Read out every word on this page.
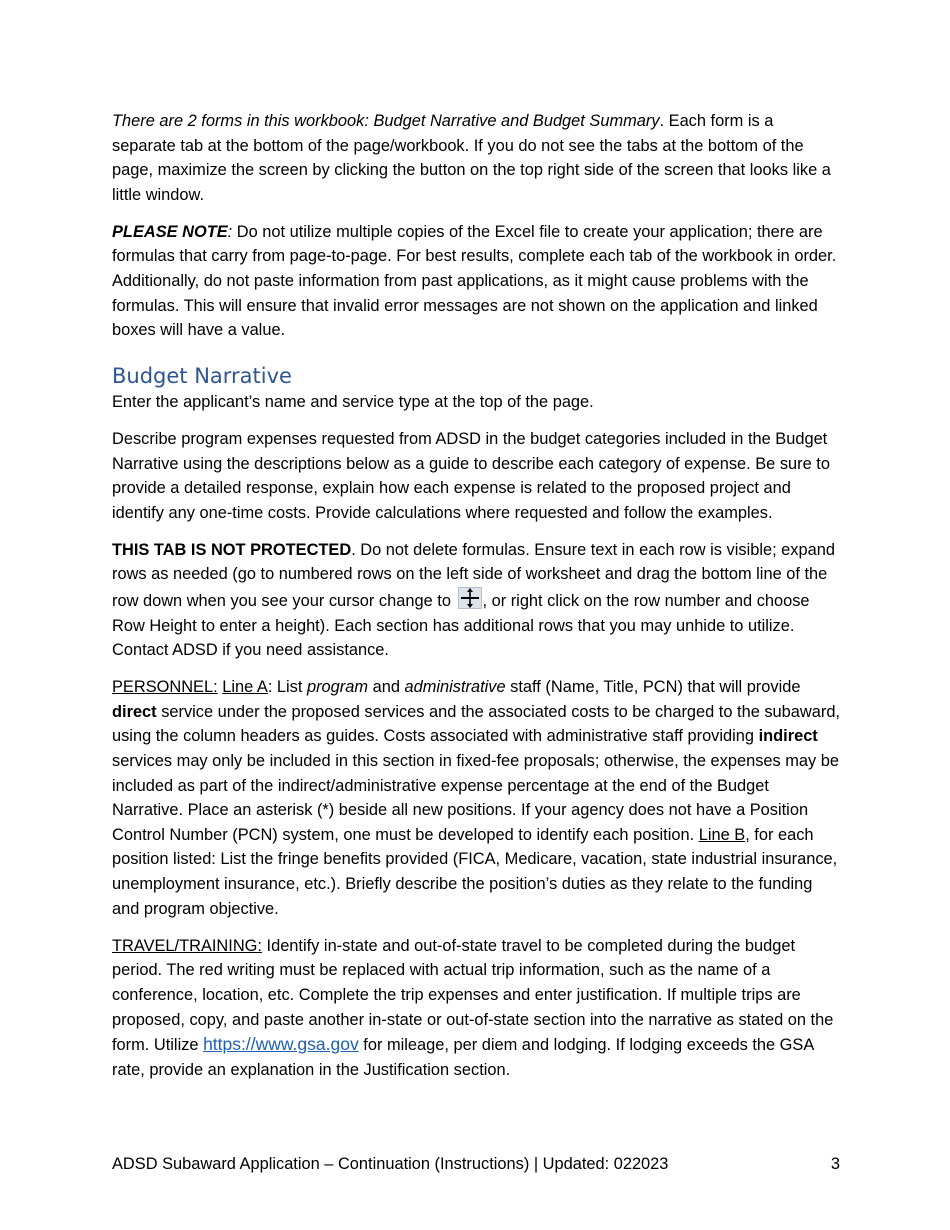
There are 2 forms in this workbook: Budget Narrative and Budget Summary. Each form is a separate tab at the bottom of the page/workbook. If you do not see the tabs at the bottom of the page, maximize the screen by clicking the button on the top right side of the screen that looks like a little window.

PLEASE NOTE: Do not utilize multiple copies of the Excel file to create your application; there are formulas that carry from page-to-page. For best results, complete each tab of the workbook in order. Additionally, do not paste information from past applications, as it might cause problems with the formulas. This will ensure that invalid error messages are not shown on the application and linked boxes will have a value.

Budget Narrative

Enter the applicant’s name and service type at the top of the page.

Describe program expenses requested from ADSD in the budget categories included in the Budget Narrative using the descriptions below as a guide to describe each category of expense. Be sure to provide a detailed response, explain how each expense is related to the proposed project and identify any one-time costs. Provide calculations where requested and follow the examples.

THIS TAB IS NOT PROTECTED. Do not delete formulas. Ensure text in each row is visible; expand rows as needed (go to numbered rows on the left side of worksheet and drag the bottom line of the row down when you see your cursor change to , or right click on the row number and choose Row Height to enter a height). Each section has additional rows that you may unhide to utilize. Contact ADSD if you need assistance.

PERSONNEL: Line A: List program and administrative staff (Name, Title, PCN) that will provide direct service under the proposed services and the associated costs to be charged to the subaward, using the column headers as guides. Costs associated with administrative staff providing indirect services may only be included in this section in fixed-fee proposals; otherwise, the expenses may be included as part of the indirect/administrative expense percentage at the end of the Budget Narrative. Place an asterisk (*) beside all new positions. If your agency does not have a Position Control Number (PCN) system, one must be developed to identify each position. Line B, for each position listed: List the fringe benefits provided (FICA, Medicare, vacation, state industrial insurance, unemployment insurance, etc.). Briefly describe the position’s duties as they relate to the funding and program objective.

TRAVEL/TRAINING: Identify in-state and out-of-state travel to be completed during the budget period. The red writing must be replaced with actual trip information, such as the name of a conference, location, etc. Complete the trip expenses and enter justification. If multiple trips are proposed, copy, and paste another in-state or out-of-state section into the narrative as stated on the form. Utilize https://www.gsa.gov for mileage, per diem and lodging. If lodging exceeds the GSA rate, provide an explanation in the Justification section.

ADSD Subaward Application – Continuation (Instructions) | Updated: 022023	3
